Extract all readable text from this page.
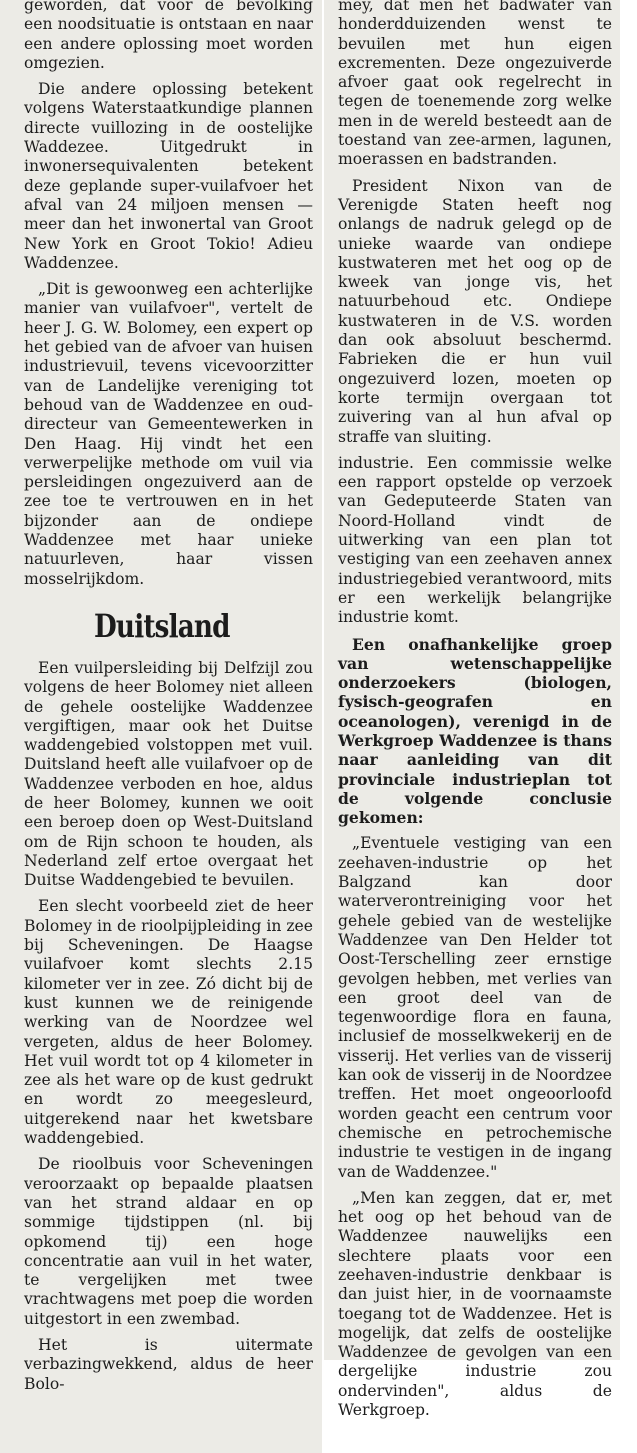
geworden, dat voor de bevolking een noodsituatie is ontstaan en naar een andere oplossing moet worden omgezien.

Die andere oplossing betekent volgens Waterstaatkundige plannen directe vuillozing in de oostelijke Waddezee. Uitgedrukt in inwonersequivalenten betekent deze geplande super-vuilafvoer het afval van 24 miljoen mensen — meer dan het inwonertal van Groot New York en Groot Tokio! Adieu Waddenzee.

„Dit is gewoonweg een achterlijke manier van vuilafvoer", vertelt de heer J. G. W. Bolomey, een expert op het gebied van de afvoer van huisen industrievuil, tevens vicevoorzitter van de Landelijke vereniging tot behoud van de Waddenzee en oud-directeur van Gemeentewerken in Den Haag. Hij vindt het een verwerpelijke methode om vuil via persleidingen ongezuiverd aan de zee toe te vertrouwen en in het bijzonder aan de ondiepe Waddenzee met haar unieke natuurleven, haar vissen mosselrijkdom.

Duitsland

Een vuilpersleiding bij Delfzijl zou volgens de heer Bolomey niet alleen de gehele oostelijke Waddenzee vergiftigen, maar ook het Duitse waddengebied volstoppen met vuil. Duitsland heeft alle vuilafvoer op de Waddenzee verboden en hoe, aldus de heer Bolomey, kunnen we ooit een beroep doen op West-Duitsland om de Rijn schoon te houden, als Nederland zelf ertoe overgaat het Duitse Waddengebied te bevuilen.

Een slecht voorbeeld ziet de heer Bolomey in de rioolpijpleiding in zee bij Scheveningen. De Haagse vuilafvoer komt slechts 2.15 kilometer ver in zee. Zó dicht bij de kust kunnen we de reinigende werking van de Noordzee wel vergeten, aldus de heer Bolomey. Het vuil wordt tot op 4 kilometer in zee als het ware op de kust gedrukt en wordt zo meegesleurd, uitgerekend naar het kwetsbare waddengebied.

De rioolbuis voor Scheveningen veroorzaakt op bepaalde plaatsen van het strand aldaar en op sommige tijdstippen (nl. bij opkomend tij) een hoge concentratie aan vuil in het water, te vergelijken met twee vrachtwagens met poep die worden uitgestort in een zwembad.

Het is uitermate verbazingwekkend, aldus de heer Bolo-

mey, dat men het badwater van honderdduizenden wenst te bevuilen met hun eigen excrementen. Deze ongezuiverde afvoer gaat ook regelrecht in tegen de toenemende zorg welke men in de wereld besteedt aan de toestand van zee-armen, lagunen, moerassen en badstranden.

President Nixon van de Verenigde Staten heeft nog onlangs de nadruk gelegd op de unieke waarde van ondiepe kustwateren met het oog op de kweek van jonge vis, het natuurbehoud etc. Ondiepe kustwateren in de V.S. worden dan ook absoluut beschermd. Fabrieken die er hun vuil ongezuiverd lozen, moeten op korte termijn overgaan tot zuivering van al hun afval op straffe van sluiting.

industrie. Een commissie welke een rapport opstelde op verzoek van Gedeputeerde Staten van Noord-Holland vindt de uitwerking van een plan tot vestiging van een zeehaven annex industriegebied verantwoord, mits er een werkelijk belangrijke industrie komt.

Een onafhankelijke groep van wetenschappelijke onderzoekers (biologen, fysisch-geografen en oceanologen), verenigd in de Werkgroep Waddenzee is thans naar aanleiding van dit provinciale industrieplan tot de volgende conclusie gekomen:

„Eventuele vestiging van een zeehaven-industrie op het Balgzand kan door waterverontreiniging voor het gehele gebied van de westelijke Waddenzee van Den Helder tot Oost-Terschelling zeer ernstige gevolgen hebben, met verlies van een groot deel van de tegenwoordige flora en fauna, inclusief de mosselkwekerij en de visserij. Het verlies van de visserij kan ook de visserij in de Noordzee treffen. Het moet ongeoorloofd worden geacht een centrum voor chemische en petrochemische industrie te vestigen in de ingang van de Waddenzee."

„Men kan zeggen, dat er, met het oog op het behoud van de Waddenzee nauwelijks een slechtere plaats voor een zeehaven-industrie denkbaar is dan juist hier, in de voornaamste toegang tot de Waddenzee. Het is mogelijk, dat zelfs de oostelijke Waddenzee de gevolgen van een dergelijke industrie zou ondervinden", aldus de Werkgroep.
